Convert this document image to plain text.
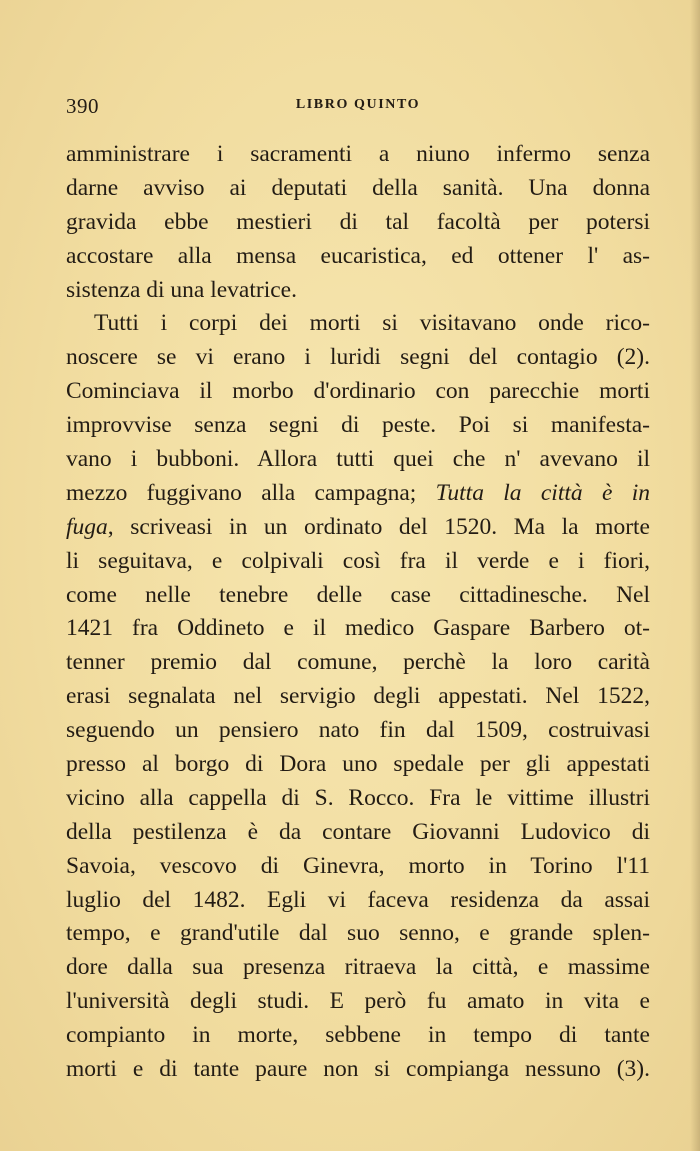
390	LIBRO QUINTO
amministrare i sacramenti a niuno infermo senza
darne avviso ai deputati della sanità. Una donna
gravida ebbe mestieri di tal facoltà per potersi
accostare alla mensa eucaristica, ed ottener l' as-
sistenza di una levatrice.
Tutti i corpi dei morti si visitavano onde rico-
noscere se vi erano i luridi segni del contagio (2).
Cominciava il morbo d'ordinario con parecchie morti
improvvise senza segni di peste. Poi si manifesta-
vano i bubboni. Allora tutti quei che n' avevano il
mezzo fuggivano alla campagna; Tutta la città è in
fuga, scriveasi in un ordinato del 1520. Ma la morte
li seguitava, e colpivali così fra il verde e i fiori,
come nelle tenebre delle case cittadinesche. Nel
1421 fra Oddineto e il medico Gaspare Barbero ot-
tenner premio dal comune, perchè la loro carità
erasi segnalata nel servigio degli appestati. Nel 1522,
seguendo un pensiero nato fin dal 1509, costruivasi
presso al borgo di Dora uno spedale per gli appestati
vicino alla cappella di S. Rocco. Fra le vittime illustri
della pestilenza è da contare Giovanni Ludovico di
Savoia, vescovo di Ginevra, morto in Torino l'11
luglio del 1482. Egli vi faceva residenza da assai
tempo, e grand'utile dal suo senno, e grande splen-
dore dalla sua presenza ritraeva la città, e massime
l'università degli studi. E però fu amato in vita e
compianto in morte, sebbene in tempo di tante
morti e di tante paure non si compianga nessuno (3).
